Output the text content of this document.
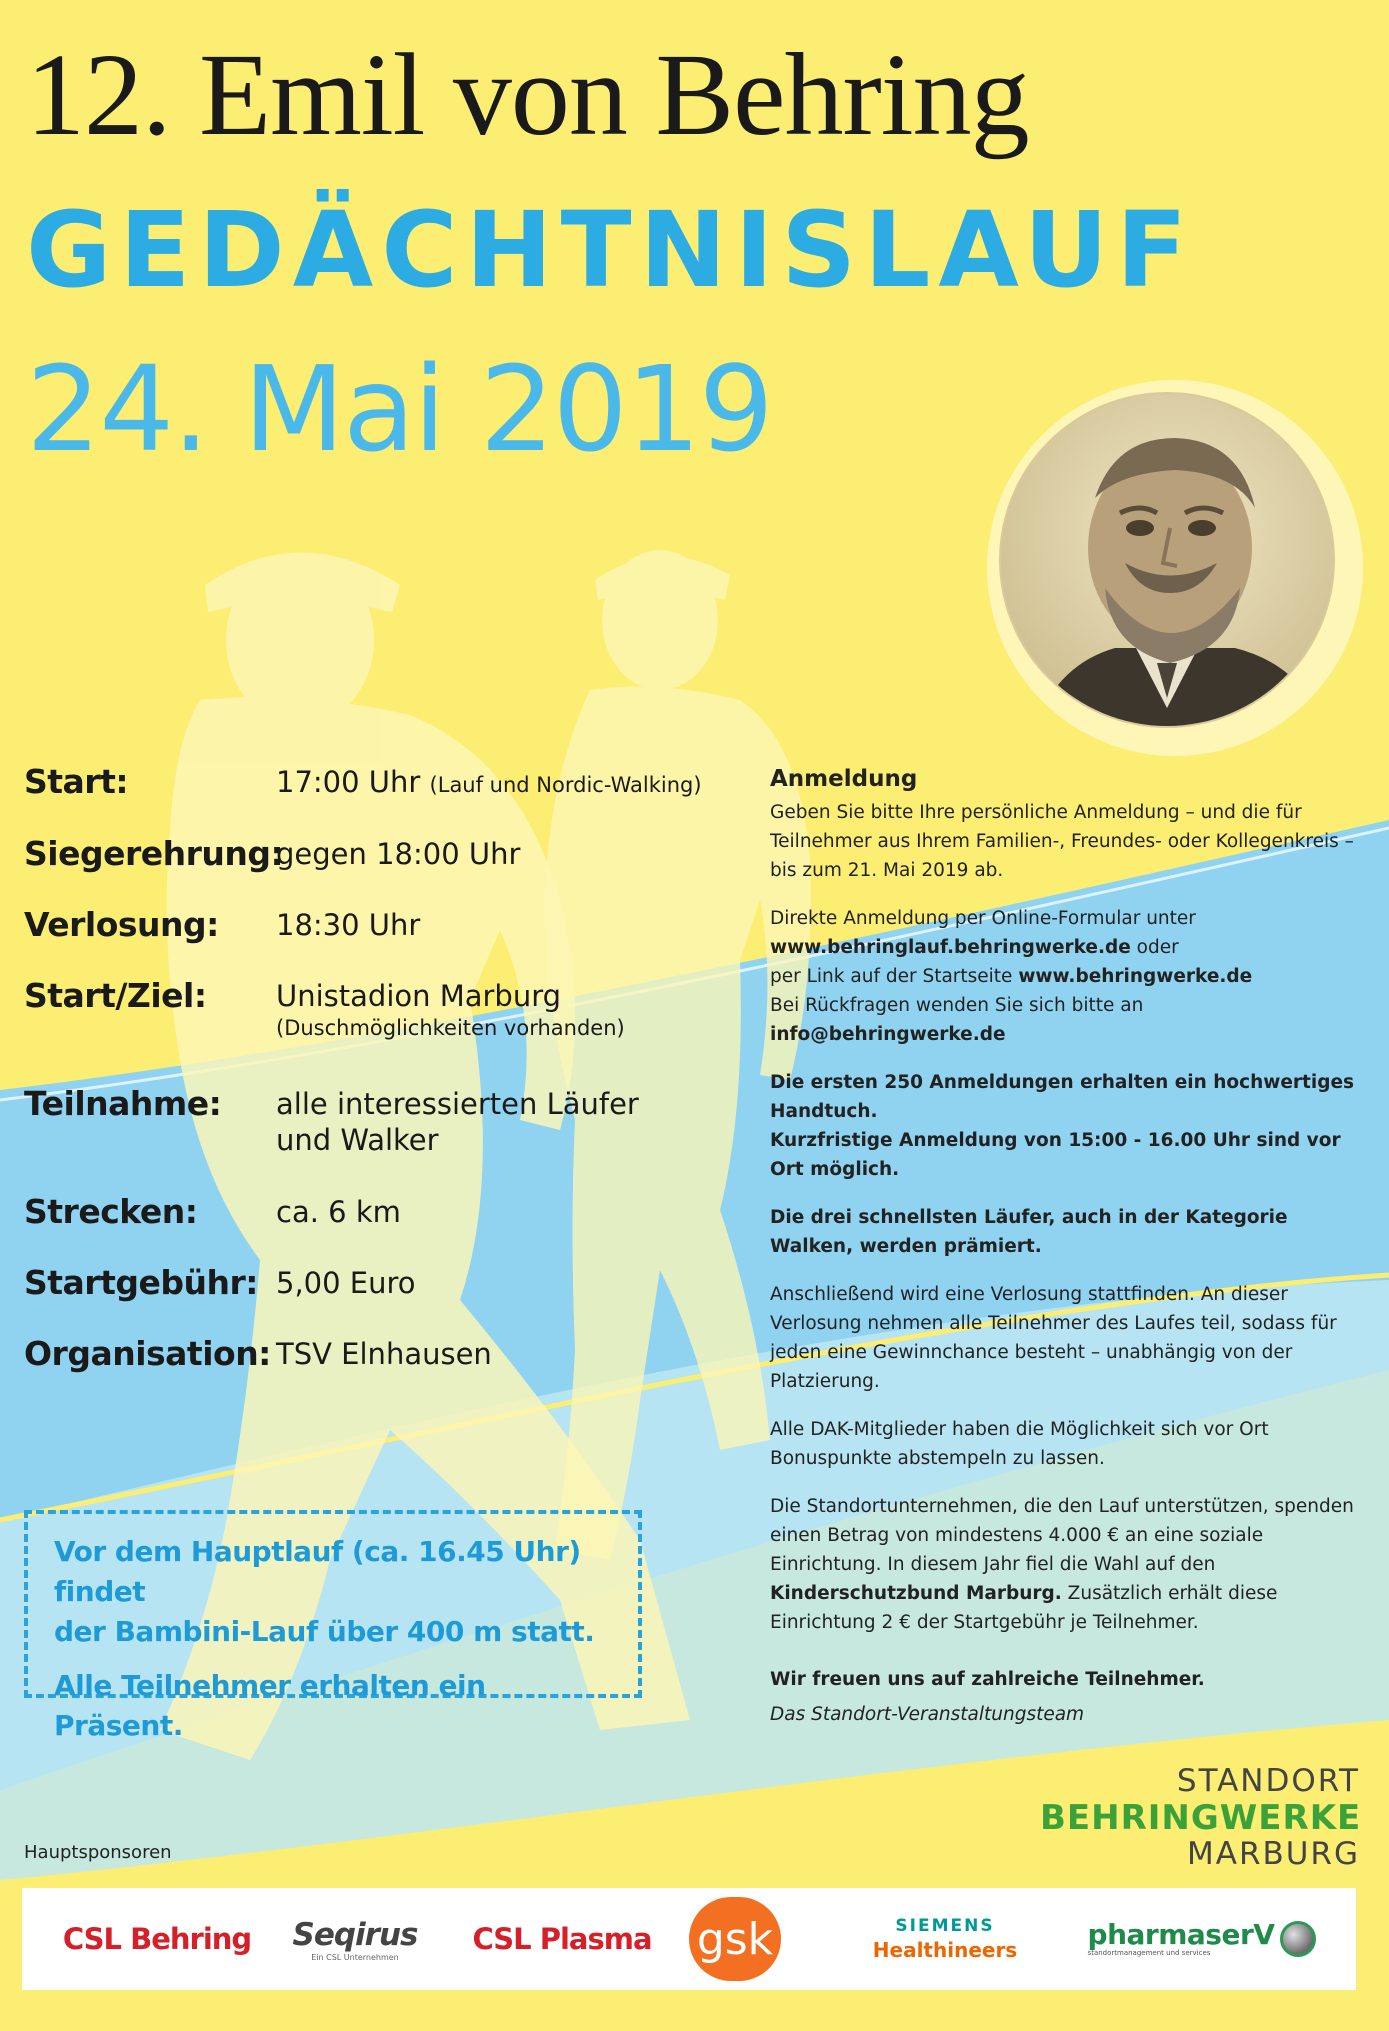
12. Emil von Behring
GEDÄCHTNISLAUF
24. Mai 2019
Start:	17:00 Uhr (Lauf und Nordic-Walking)
Siegerehrung:
gegen 18:00 Uhr
Verlosung: 18:30 Uhr
Start/Ziel: Unistadion Marburg
(Duschmöglichkeiten vorhanden)
Teilnahme: alle interessierten Läufer
und Walker
Strecken:	ca. 6 km
Startgebühr: 5,00 Euro
Organisation: TSV Elnhausen

Vor dem Hauptlauf (ca. 16.45 Uhr) findet

der Bambini-Lauf über 400 m statt.

Alle Teilnehmer erhalten ein Präsent.

Anmeldung

Geben Sie bitte Ihre persönliche Anmeldung – und die für Teilnehmer aus Ihrem Familien-, Freundes- oder Kollegenkreis – bis zum 21. Mai 2019 ab.

Direkte Anmeldung per Online-Formular unter
www.behringlauf.behringwerke.de oder
per Link auf der Startseite www.behringwerke.de
Bei Rückfragen wenden Sie sich bitte an info@behringwerke.de

Die ersten 250 Anmeldungen erhalten ein hochwertiges Handtuch.
Kurzfristige Anmeldung von 15:00 - 16.00 Uhr sind vor Ort möglich.

Die drei schnellsten Läufer, auch in der Kategorie Walken, werden prämiert.

Anschließend wird eine Verlosung stattfinden. An dieser Verlosung nehmen alle Teilnehmer des Laufes teil, sodass für jeden eine Gewinnchance besteht – unabhängig von der Platzierung.

Alle DAK-Mitglieder haben die Möglichkeit sich vor Ort Bonuspunkte abstempeln zu lassen.

Die Standortunternehmen, die den Lauf unterstützen, spenden einen Betrag von mindestens 4.000 € an eine soziale Einrichtung. In diesem Jahr fiel die Wahl auf den Kinderschutzbund Marburg. Zusätzlich erhält diese Einrichtung 2 € der Startgebühr je Teilnehmer.

Wir freuen uns auf zahlreiche Teilnehmer.

Das Standort-Veranstaltungsteam

STANDORT
BEHRINGWERKE
MARBURG
Hauptsponsoren
CSL Behring Seqirus
Ein CSL Unternehmen
CSL Plasma gsk	SIEMENS
Healthineers	pharmaserV
standortmanagement und services
